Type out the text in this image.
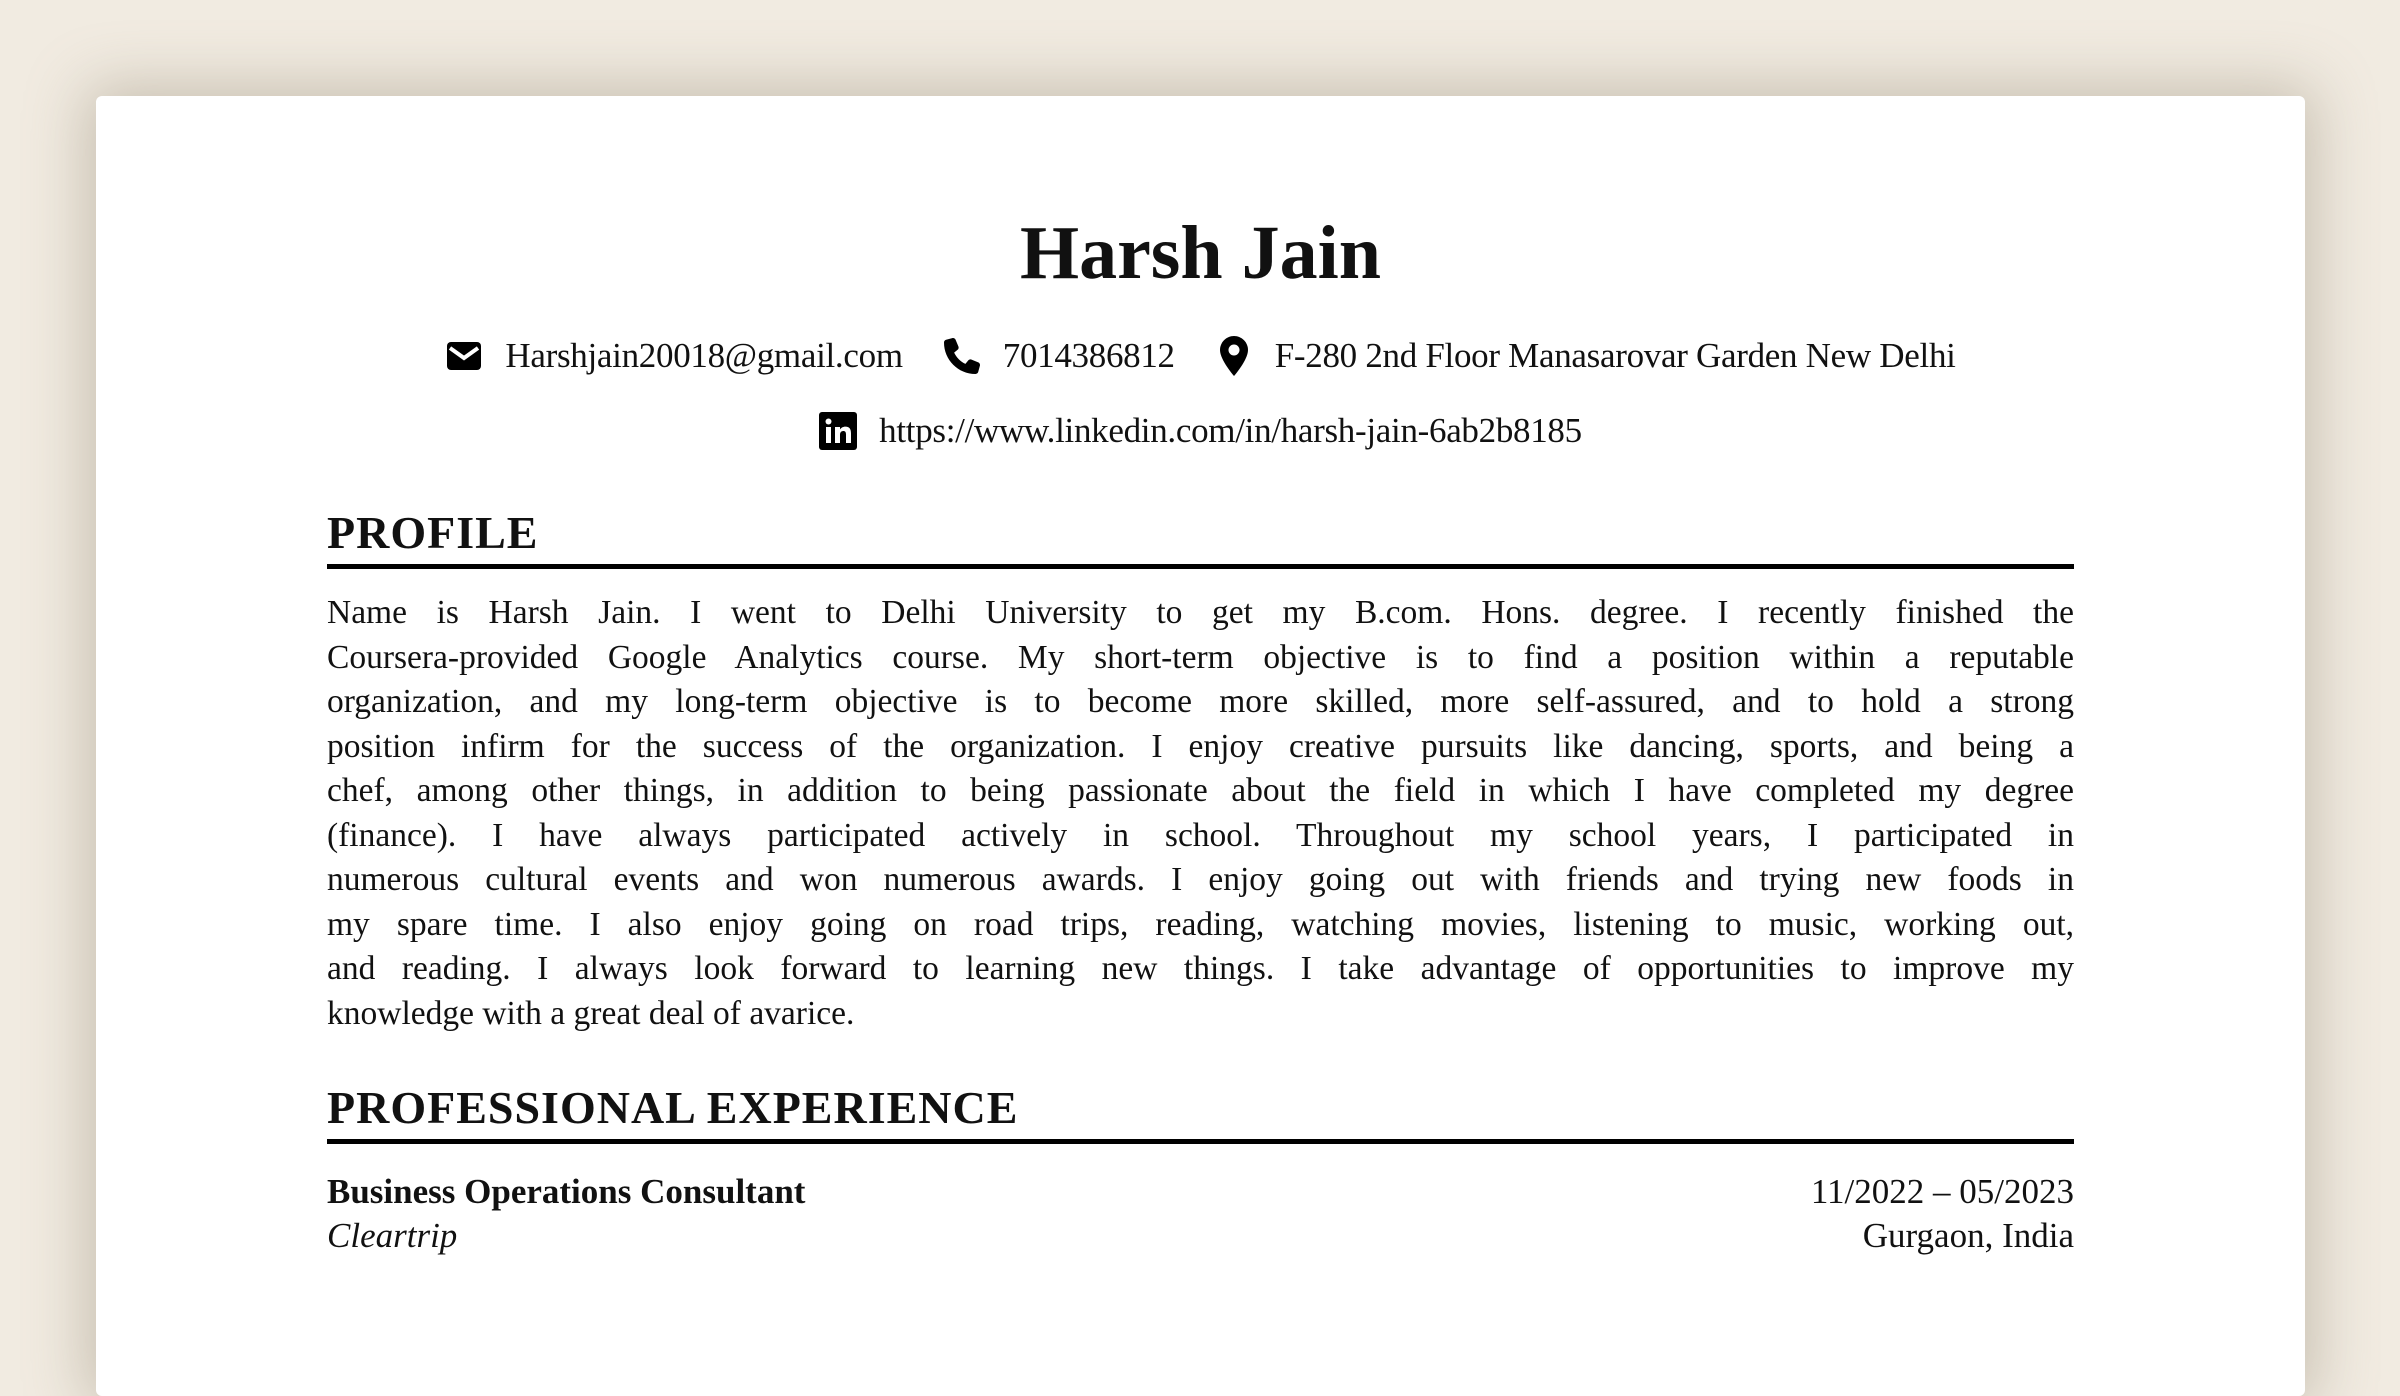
Harsh Jain
Harshjain20018@gmail.com	7014386812	F-280 2nd Floor Manasarovar Garden New Delhi
https://www.linkedin.com/in/harsh-jain-6ab2b8185
PROFILE
Name is Harsh Jain. I went to Delhi University to get my B.com. Hons. degree. I recently finished the
Coursera-provided Google Analytics course. My short-term objective is to find a position within a reputable
organization, and my long-term objective is to become more skilled, more self-assured, and to hold a strong
position infirm for the success of the organization. I enjoy creative pursuits like dancing, sports, and being a
chef, among other things, in addition to being passionate about the field in which I have completed my degree
(finance). I have always participated actively in school. Throughout my school years, I participated in
numerous cultural events and won numerous awards. I enjoy going out with friends and trying new foods in
my spare time. I also enjoy going on road trips, reading, watching movies, listening to music, working out,
and reading. I always look forward to learning new things. I take advantage of opportunities to improve my
knowledge with a great deal of avarice.
PROFESSIONAL EXPERIENCE
Business Operations Consultant	11/2022 – 05/2023
Cleartrip	Gurgaon, India
